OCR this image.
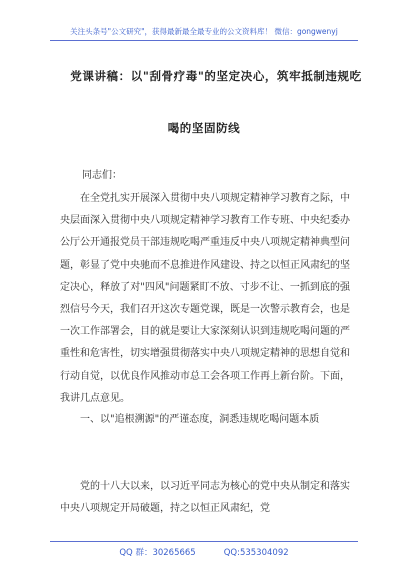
关注头条号"公文研究"，获得最新最全最专业的公文资料库！ 微信：gongwenyj
党课讲稿：以"刮骨疗毒"的坚定决心，筑牢抵制违规吃
喝的坚固防线
同志们：

在全党扎实开展深入贯彻中央八项规定精神学习教育之际，中央层面深入贯彻中央八项规定精神学习教育工作专班、中央纪委办公厅公开通报党员干部违规吃喝严重违反中央八项规定精神典型问题，彰显了党中央驰而不息推进作风建设、持之以恒正风肃纪的坚定决心，释放了对"四风"问题紧盯不放、寸步不让、一抓到底的强烈信号今天，我们召开这次专题党课，既是一次警示教育会，也是一次工作部署会，目的就是要让大家深刻认识到违规吃喝问题的严重性和危害性，切实增强贯彻落实中央八项规定精神的思想自觉和行动自觉，以优良作风推动市总工会各项工作再上新台阶。下面，我讲几点意见。

一、以"追根溯源"的严谨态度，洞悉违规吃喝问题本质

党的十八大以来，以习近平同志为核心的党中央从制定和落实中央八项规定开局破题，持之以恒正风肃纪，党

QQ 群：30265665	QQ:535304092
